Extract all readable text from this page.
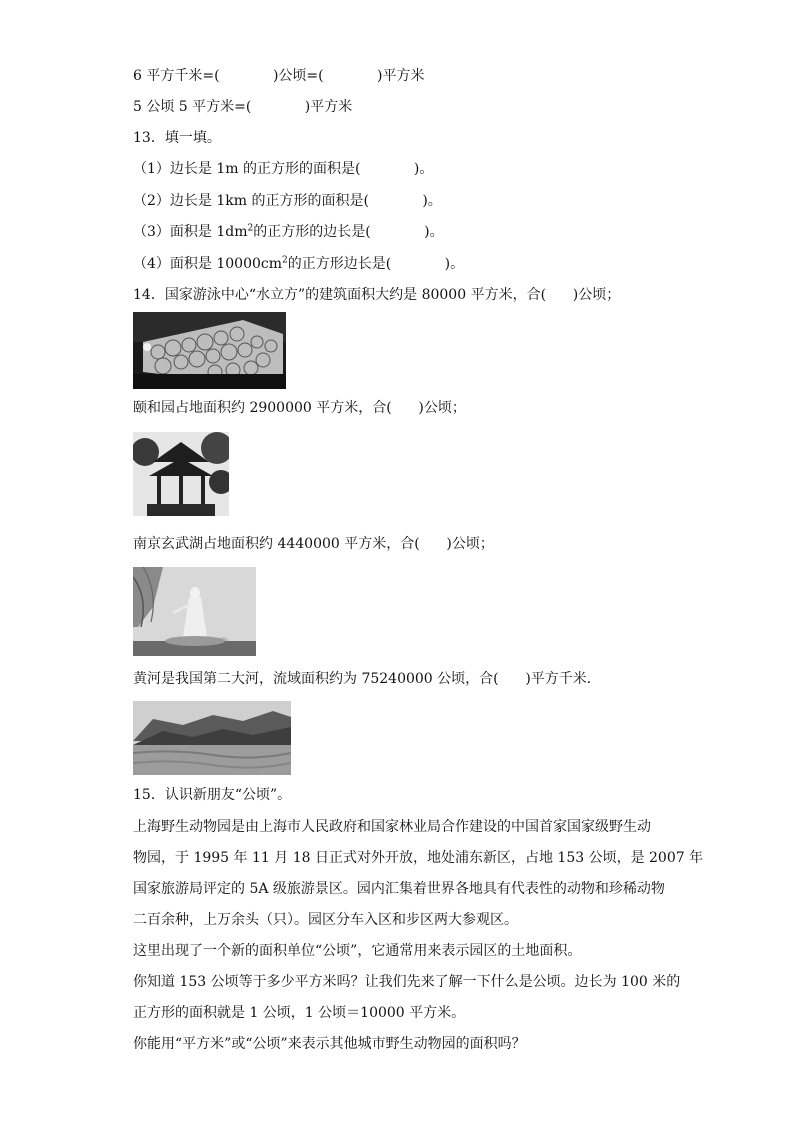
6 平方千米=(            )公顷=(            )平方米
5 公顷 5 平方米=(            )平方米
13．填一填。
（1）边长是 1m 的正方形的面积是(            )。
（2）边长是 1km 的正方形的面积是(            )。
（3）面积是 $1dm^2$的正方形的边长是(            )。
（4）面积是 $10000cm^2$的正方形边长是(            )。
14．国家游泳中心“水立方”的建筑面积大约是 80000 平方米，合(      )公顷；
颐和园占地面积约 2900000 平方米，合(      )公顷；
南京玄武湖占地面积约 4440000 平方米，合(      )公顷；
黄河是我国第二大河，流域面积约为 75240000 公顷，合(      )平方千米．
15．认识新朋友“公顷”。
上海野生动物园是由上海市人民政府和国家林业局合作建设的中国首家国家级野生动
物园，于 1995 年 11 月 18 日正式对外开放，地处浦东新区，占地 153 公顷，是 2007 年
国家旅游局评定的 5A 级旅游景区。园内汇集着世界各地具有代表性的动物和珍稀动物
二百余种，上万余头（只）。园区分车入区和步区两大参观区。
这里出现了一个新的面积单位“公顷”，它通常用来表示园区的土地面积。
你知道 153 公顷等于多少平方米吗？让我们先来了解一下什么是公顷。边长为 100 米的
正方形的面积就是 1 公顷，1 公顷＝10000 平方米。
你能用“平方米”或“公顷”来表示其他城市野生动物园的面积吗？
